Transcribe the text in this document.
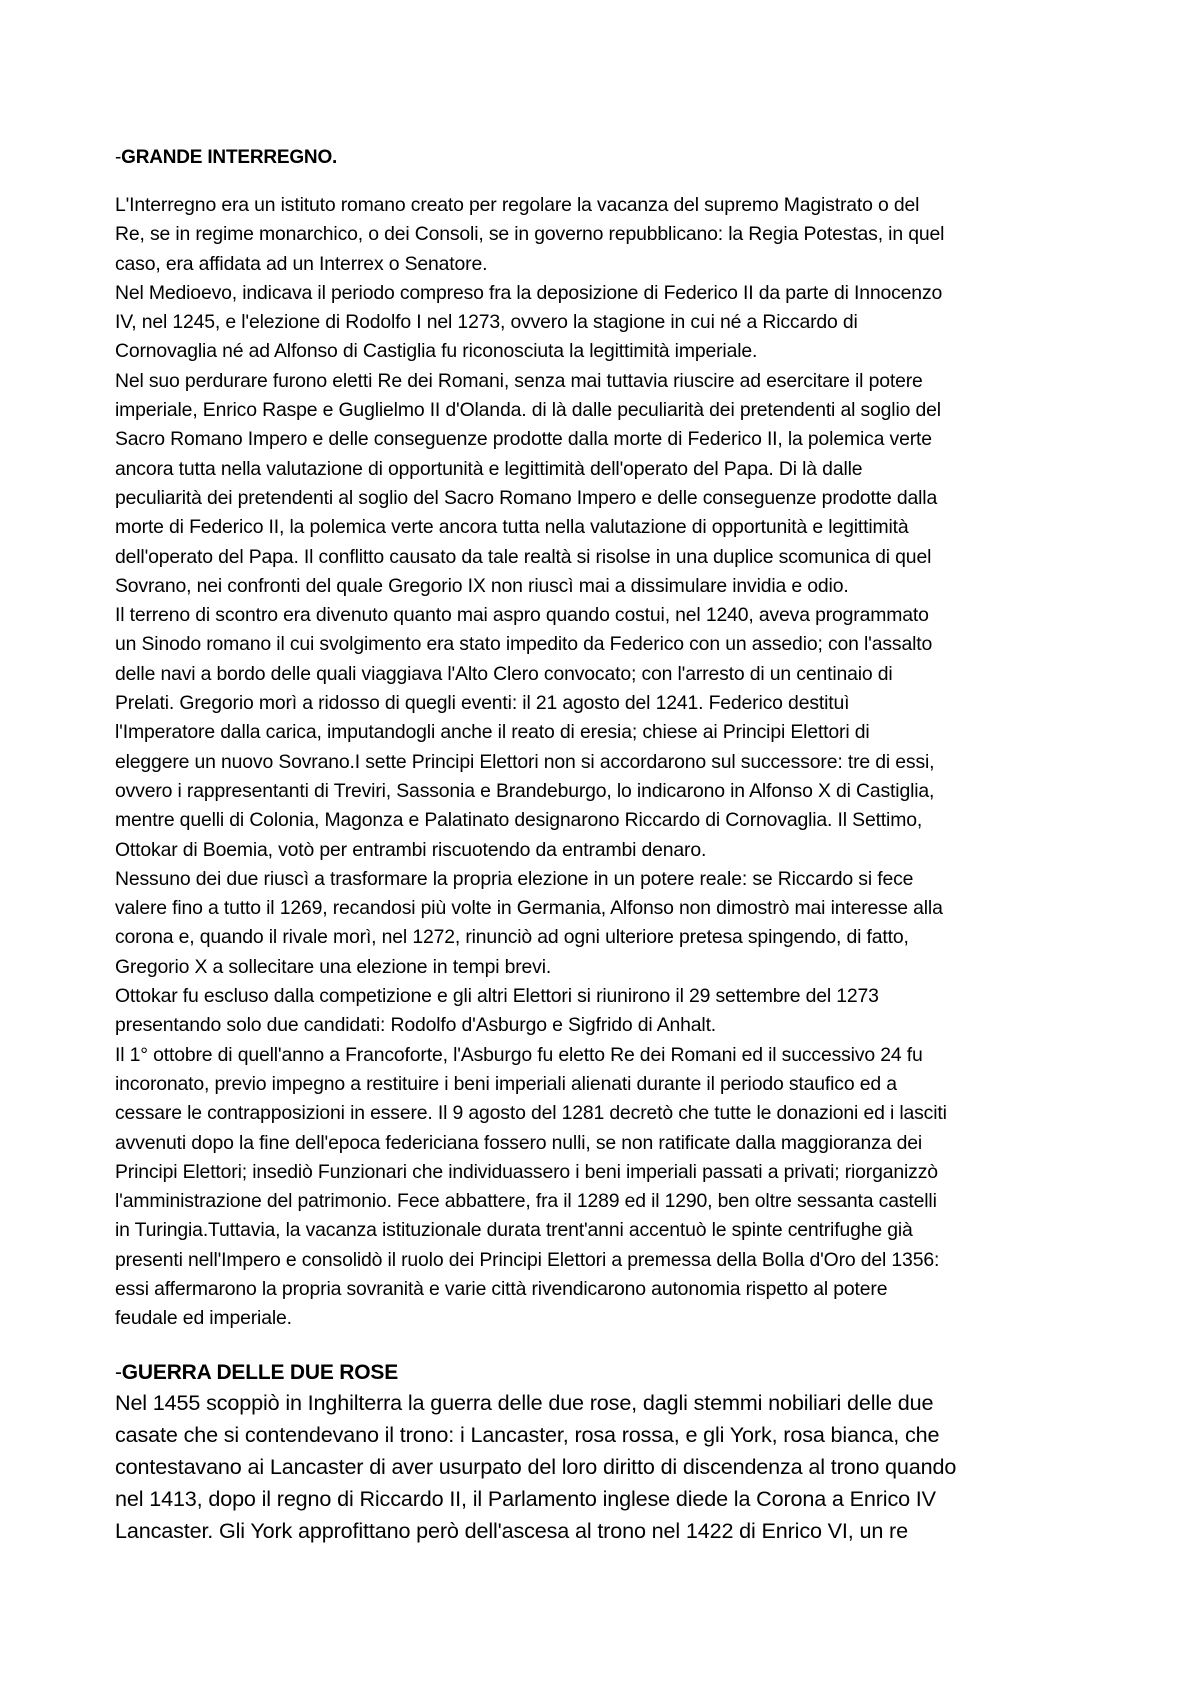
-GRANDE INTERREGNO.
L'Interregno era un istituto romano creato per regolare la vacanza del supremo Magistrato o del
Re, se in regime monarchico, o dei Consoli, se in governo repubblicano: la Regia Potestas, in quel
caso, era affidata ad un Interrex o Senatore.
Nel Medioevo, indicava il periodo compreso fra la deposizione di Federico II da parte di Innocenzo
IV, nel 1245, e l'elezione di Rodolfo I nel 1273, ovvero la stagione in cui né a Riccardo di
Cornovaglia né ad Alfonso di Castiglia fu riconosciuta la legittimità imperiale.
Nel suo perdurare furono eletti Re dei Romani, senza mai tuttavia riuscire ad esercitare il potere
imperiale, Enrico Raspe e Guglielmo II d'Olanda. di là dalle peculiarità dei pretendenti al soglio del
Sacro Romano Impero e delle conseguenze prodotte dalla morte di Federico II, la polemica verte
ancora tutta nella valutazione di opportunità e legittimità dell'operato del Papa. Di là dalle
peculiarità dei pretendenti al soglio del Sacro Romano Impero e delle conseguenze prodotte dalla
morte di Federico II, la polemica verte ancora tutta nella valutazione di opportunità e legittimità
dell'operato del Papa. Il conflitto causato da tale realtà si risolse in una duplice scomunica di quel
Sovrano, nei confronti del quale Gregorio IX non riuscì mai a dissimulare invidia e odio.
Il terreno di scontro era divenuto quanto mai aspro quando costui, nel 1240, aveva programmato
un Sinodo romano il cui svolgimento era stato impedito da Federico con un assedio; con l'assalto
delle navi a bordo delle quali viaggiava l'Alto Clero convocato; con l'arresto di un centinaio di
Prelati. Gregorio morì a ridosso di quegli eventi: il 21 agosto del 1241. Federico destituì
l'Imperatore dalla carica, imputandogli anche il reato di eresia; chiese ai Principi Elettori di
eleggere un nuovo Sovrano.I sette Principi Elettori non si accordarono sul successore: tre di essi,
ovvero i rappresentanti di Treviri, Sassonia e Brandeburgo, lo indicarono in Alfonso X di Castiglia,
mentre quelli di Colonia, Magonza e Palatinato designarono Riccardo di Cornovaglia. Il Settimo,
Ottokar di Boemia, votò per entrambi riscuotendo da entrambi denaro.
Nessuno dei due riuscì a trasformare la propria elezione in un potere reale: se Riccardo si fece
valere fino a tutto il 1269, recandosi più volte in Germania, Alfonso non dimostrò mai interesse alla
corona e, quando il rivale morì, nel 1272, rinunciò ad ogni ulteriore pretesa spingendo, di fatto,
Gregorio X a sollecitare una elezione in tempi brevi.
Ottokar fu escluso dalla competizione e gli altri Elettori si riunirono il 29 settembre del 1273
presentando solo due candidati: Rodolfo d'Asburgo e Sigfrido di Anhalt.
Il 1° ottobre di quell'anno a Francoforte, l'Asburgo fu eletto Re dei Romani ed il successivo 24 fu
incoronato, previo impegno a restituire i beni imperiali alienati durante il periodo staufico ed a
cessare le contrapposizioni in essere. Il 9 agosto del 1281 decretò che tutte le donazioni ed i lasciti
avvenuti dopo la fine dell'epoca federiciana fossero nulli, se non ratificate dalla maggioranza dei
Principi Elettori; insediò Funzionari che individuassero i beni imperiali passati a privati; riorganizzò
l'amministrazione del patrimonio. Fece abbattere, fra il 1289 ed il 1290, ben oltre sessanta castelli
in Turingia.Tuttavia, la vacanza istituzionale durata trent'anni accentuò le spinte centrifughe già
presenti nell'Impero e consolidò il ruolo dei Principi Elettori a premessa della Bolla d'Oro del 1356:
essi affermarono la propria sovranità e varie città rivendicarono autonomia rispetto al potere
feudale ed imperiale.
-GUERRA DELLE DUE ROSE
Nel 1455 scoppiò in Inghilterra la guerra delle due rose, dagli stemmi nobiliari delle due
casate che si contendevano il trono: i Lancaster, rosa rossa, e gli York, rosa bianca, che
contestavano ai Lancaster di aver usurpato del loro diritto di discendenza al trono quando
nel 1413, dopo il regno di Riccardo II, il Parlamento inglese diede la Corona a Enrico IV
Lancaster. Gli York approfittano però dell'ascesa al trono nel 1422 di Enrico VI, un re
